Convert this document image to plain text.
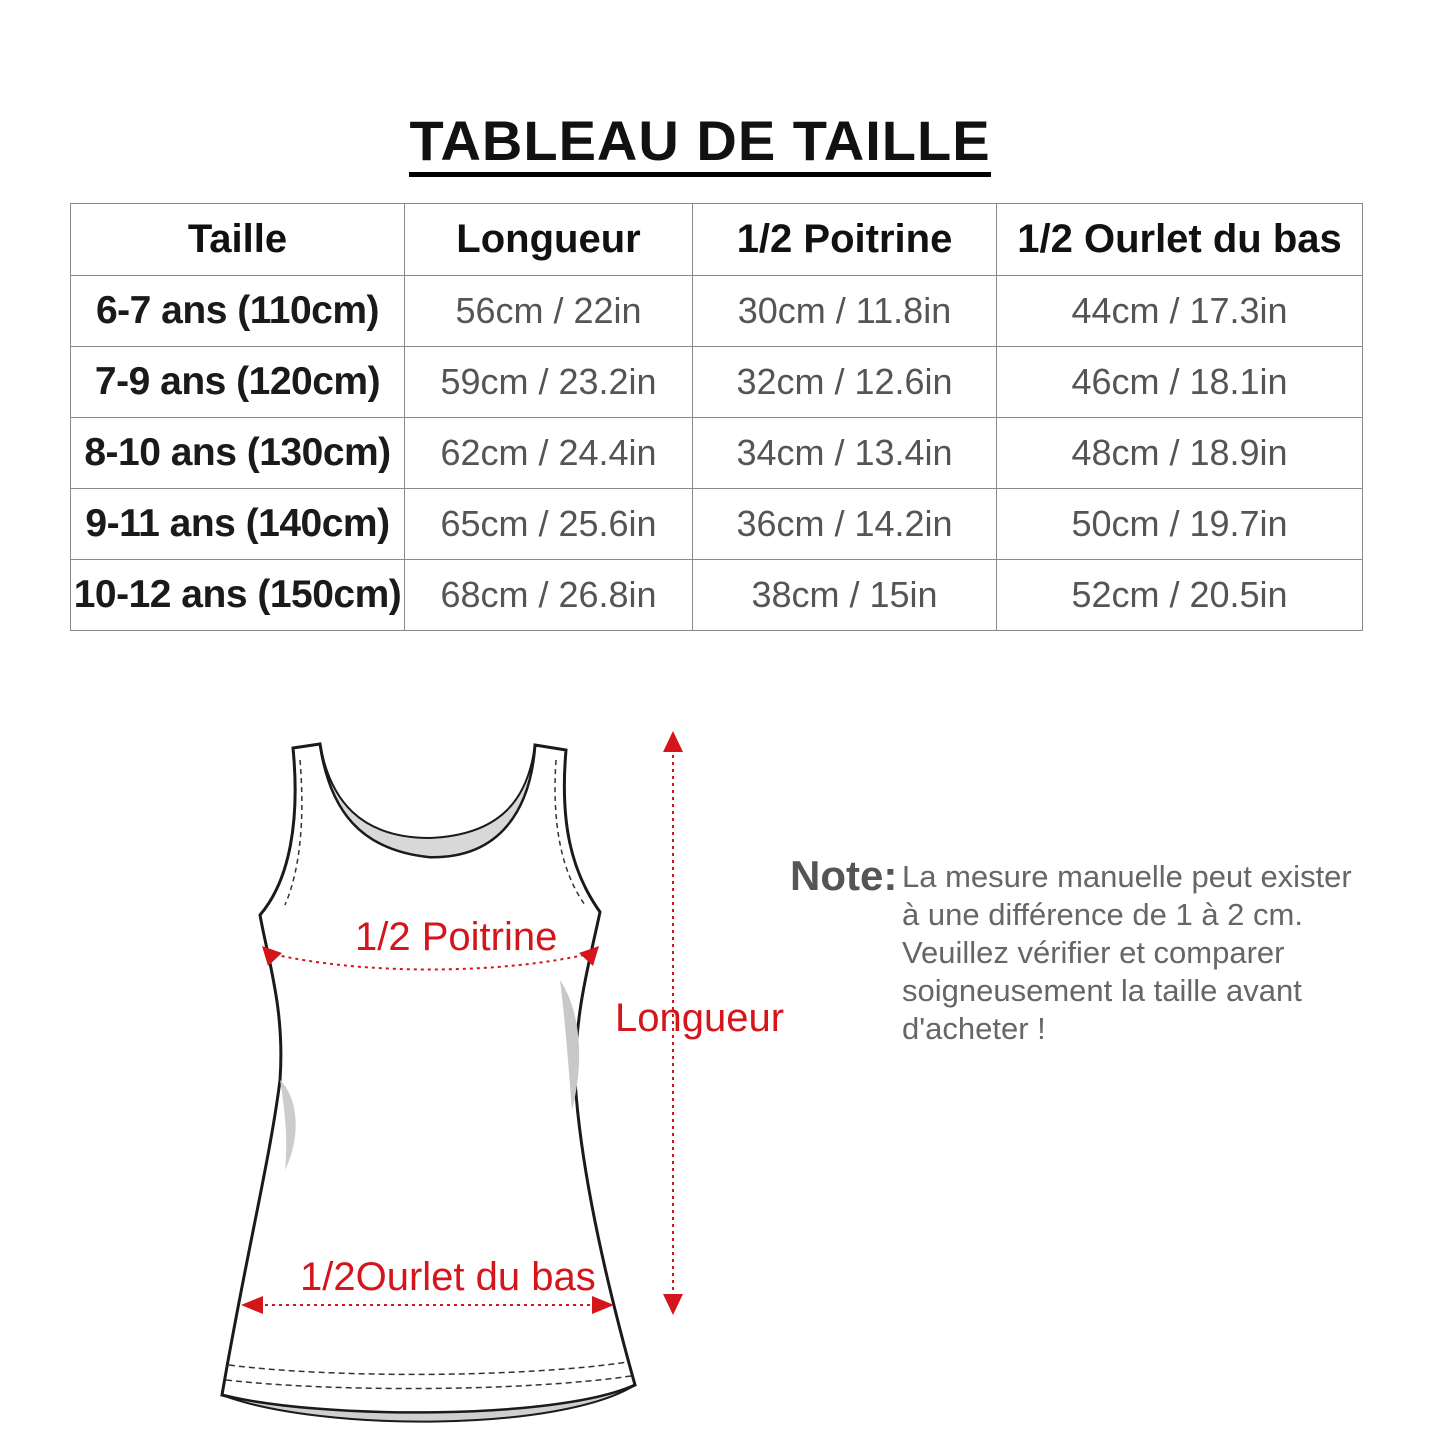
TABLEAU DE TAILLE
Taille	Longueur	1/2 Poitrine	1/2 Ourlet du bas
6-7 ans (110cm)	56cm / 22in	30cm / 11.8in	44cm / 17.3in
7-9 ans (120cm)	59cm / 23.2in	32cm / 12.6in	46cm / 18.1in
8-10 ans (130cm)	62cm / 24.4in	34cm / 13.4in	48cm / 18.9in
9-11 ans (140cm)	65cm / 25.6in	36cm / 14.2in	50cm / 19.7in
10-12 ans (150cm)	68cm / 26.8in	38cm / 15in	52cm / 20.5in
1/2 Poitrine
Longueur
1/2Ourlet du bas
Note: La mesure manuelle peut exister
à une différence de 1 à 2 cm.
Veuillez vérifier et comparer
soigneusement la taille avant
d'acheter !
